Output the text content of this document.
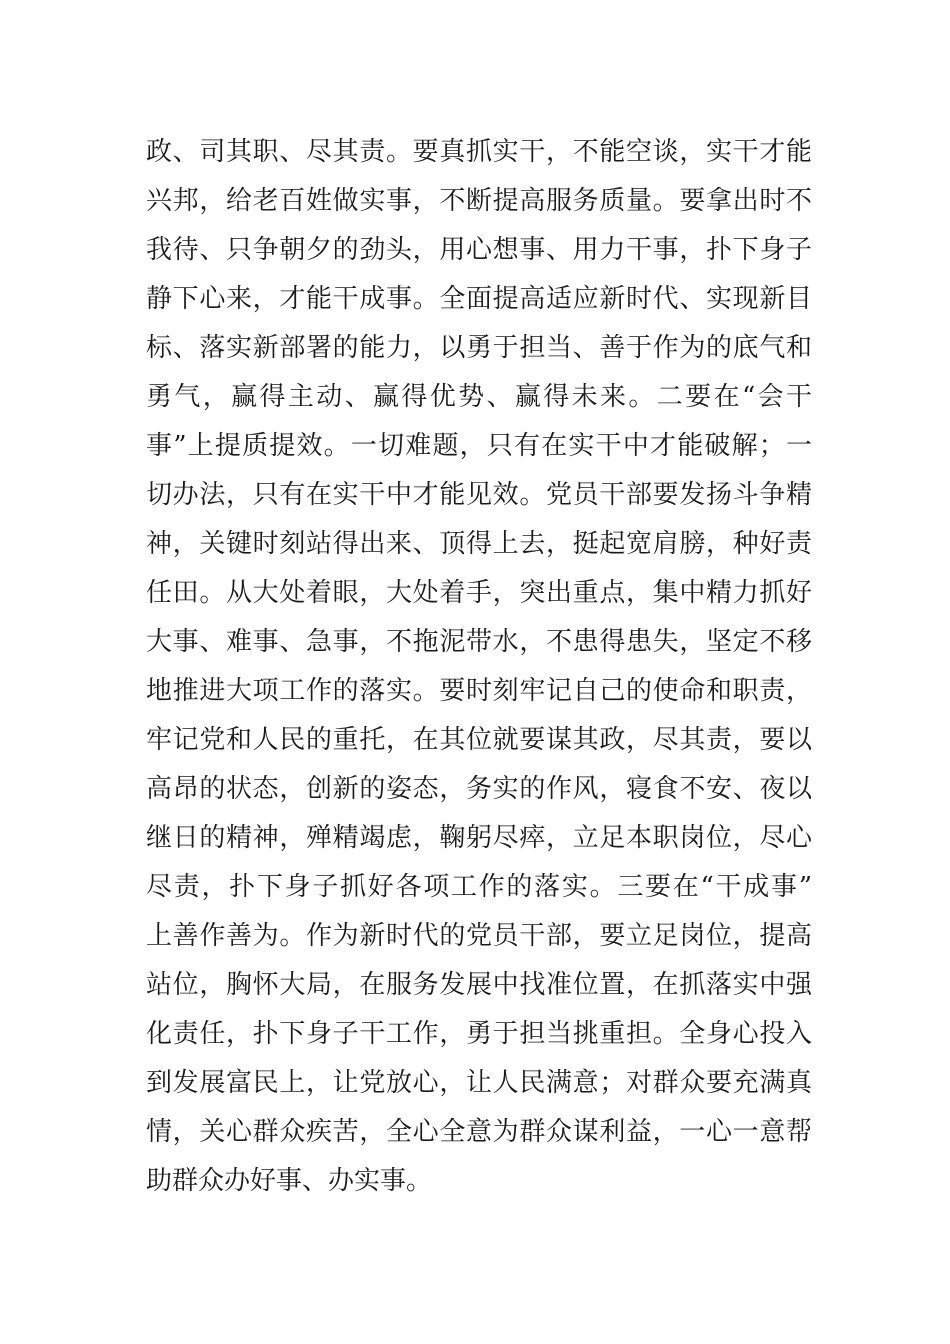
政、司其职、尽其责。要真抓实干，不能空谈，实干才能
兴邦，给老百姓做实事，不断提高服务质量。要拿出时不
我待、只争朝夕的劲头，用心想事、用力干事，扑下身子
静下心来，才能干成事。全面提高适应新时代、实现新目
标、落实新部署的能力，以勇于担当、善于作为的底气和
勇气，赢得主动、赢得优势、赢得未来。二要在“会干
事”上提质提效。一切难题，只有在实干中才能破解；一
切办法，只有在实干中才能见效。党员干部要发扬斗争精
神，关键时刻站得出来、顶得上去，挺起宽肩膀，种好责
任田。从大处着眼，大处着手，突出重点，集中精力抓好
大事、难事、急事，不拖泥带水，不患得患失，坚定不移
地推进大项工作的落实。要时刻牢记自己的使命和职责，
牢记党和人民的重托，在其位就要谋其政，尽其责，要以
高昂的状态，创新的姿态，务实的作风，寝食不安、夜以
继日的精神，殚精竭虑，鞠躬尽瘁，立足本职岗位，尽心
尽责，扑下身子抓好各项工作的落实。三要在“干成事”
上善作善为。作为新时代的党员干部，要立足岗位，提高
站位，胸怀大局，在服务发展中找准位置，在抓落实中强
化责任，扑下身子干工作，勇于担当挑重担。全身心投入
到发展富民上，让党放心，让人民满意；对群众要充满真
情，关心群众疾苦，全心全意为群众谋利益，一心一意帮
助群众办好事、办实事。
